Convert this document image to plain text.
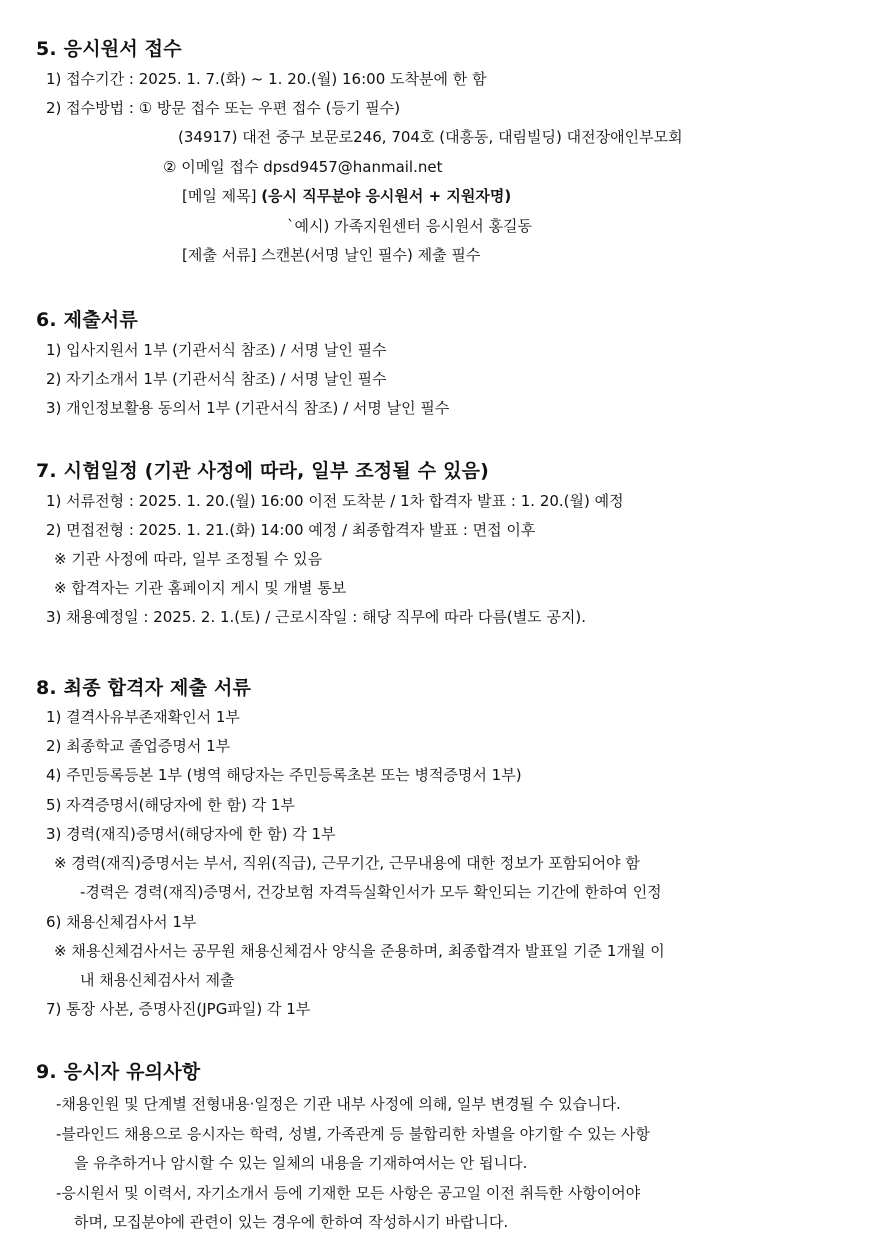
5. 응시원서 접수
1) 접수기간 : 2025. 1. 7.(화) ~ 1. 20.(월) 16:00 도착분에 한 함
2) 접수방법 : ① 방문 접수 또는 우편 접수 (등기 필수)
(34917) 대전 중구 보문로246, 704호 (대흥동, 대림빌딩) 대전장애인부모회
② 이메일 접수 dpsd9457@hanmail.net
[메일 제목] (응시 직무분야 응시원서 + 지원자명)
`예시) 가족지원센터 응시원서 홍길동
[제출 서류] 스캔본(서명 날인 필수) 제출 필수
6. 제출서류
1) 입사지원서 1부 (기관서식 참조) / 서명 날인 필수
2) 자기소개서 1부 (기관서식 참조) / 서명 날인 필수
3) 개인정보활용 동의서 1부 (기관서식 참조) / 서명 날인 필수
7. 시험일정 (기관 사정에 따라, 일부 조정될 수 있음)
1) 서류전형 : 2025. 1. 20.(월) 16:00 이전 도착분 / 1차 합격자 발표 : 1. 20.(월) 예정
2) 면접전형 : 2025. 1. 21.(화) 14:00 예정 / 최종합격자 발표 : 면접 이후
※ 기관 사정에 따라, 일부 조정될 수 있음
※ 합격자는 기관 홈페이지 게시 및 개별 통보
3) 채용예정일 : 2025. 2. 1.(토) / 근로시작일 : 해당 직무에 따라 다름(별도 공지).
8. 최종 합격자 제출 서류
1) 결격사유부존재확인서 1부
2) 최종학교 졸업증명서 1부
4) 주민등록등본 1부 (병역 해당자는 주민등록초본 또는 병적증명서 1부)
5) 자격증명서(해당자에 한 함) 각 1부
3) 경력(재직)증명서(해당자에 한 함) 각 1부
※ 경력(재직)증명서는 부서, 직위(직급), 근무기간, 근무내용에 대한 정보가 포함되어야 함
-경력은 경력(재직)증명서, 건강보험 자격득실확인서가 모두 확인되는 기간에 한하여 인정
6) 채용신체검사서 1부
※ 채용신체검사서는 공무원 채용신체검사 양식을 준용하며, 최종합격자 발표일 기준 1개월 이
내 채용신체검사서 제출
7) 통장 사본, 증명사진(JPG파일) 각 1부
9. 응시자 유의사항
-채용인원 및 단계별 전형내용·일정은 기관 내부 사정에 의해, 일부 변경될 수 있습니다.
-블라인드 채용으로 응시자는 학력, 성별, 가족관계 등 불합리한 차별을 야기할 수 있는 사항
을 유추하거나 암시할 수 있는 일체의 내용을 기재하여서는 안 됩니다.
-응시원서 및 이력서, 자기소개서 등에 기재한 모든 사항은 공고일 이전 취득한 사항이어야
하며, 모집분야에 관련이 있는 경우에 한하여 작성하시기 바랍니다.
